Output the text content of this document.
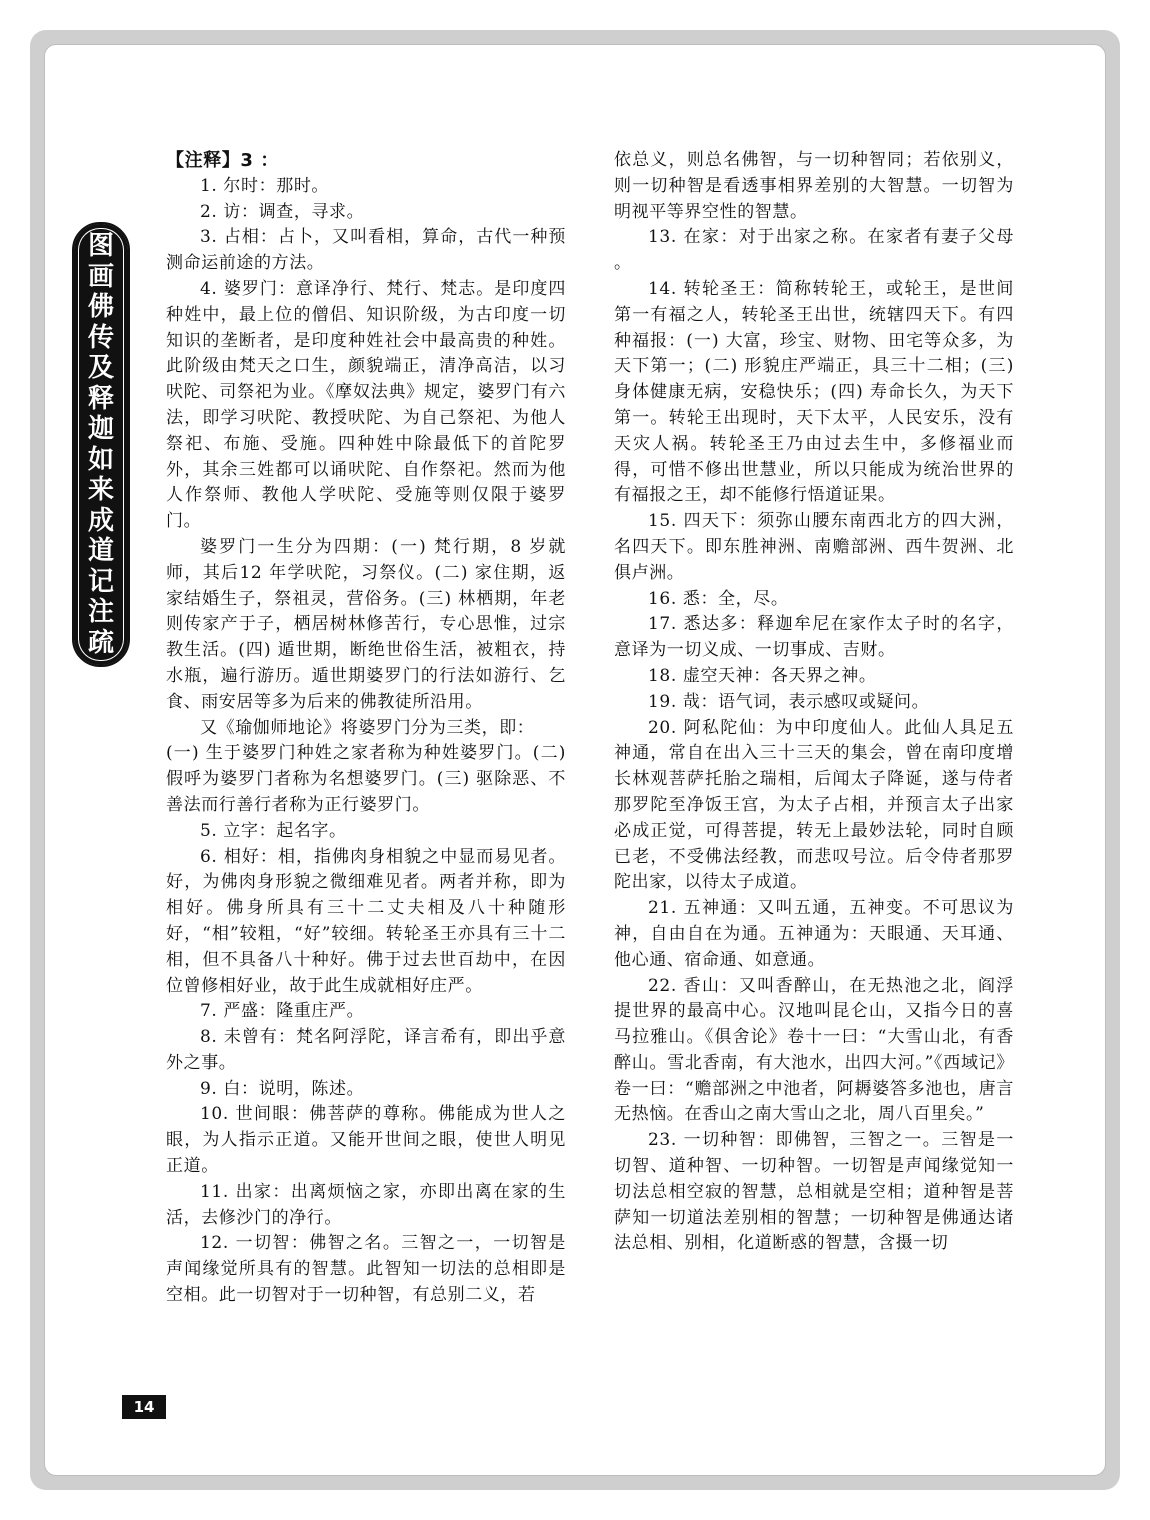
图
画
佛
传
及
释
迦
如
来
成
道
记
注
疏

【注释】3 ：

1. 尔时：那时。

2. 访：调查，寻求。

3. 占相：占卜，又叫看相，算命，古代一种预测命运前途的方法。

4. 婆罗门：意译净行、梵行、梵志。是印度四种姓中，最上位的僧侣、知识阶级，为古印度一切知识的垄断者，是印度种姓社会中最高贵的种姓。此阶级由梵天之口生，颜貌端正，清净高洁，以习吠陀、司祭祀为业。《摩奴法典》规定，婆罗门有六法，即学习吠陀、教授吠陀、为自己祭祀、为他人祭祀、布施、受施。四种姓中除最低下的首陀罗外，其余三姓都可以诵吠陀、自作祭祀。然而为他人作祭师、教他人学吠陀、受施等则仅限于婆罗门。

婆罗门一生分为四期：(一) 梵行期，8 岁就师，其后12 年学吠陀，习祭仪。(二) 家住期，返家结婚生子，祭祖灵，营俗务。(三) 林栖期，年老则传家产于子，栖居树林修苦行，专心思惟，过宗教生活。(四) 遁世期，断绝世俗生活，被粗衣，持水瓶，遍行游历。遁世期婆罗门的行法如游行、乞食、雨安居等多为后来的佛教徒所沿用。

又《瑜伽师地论》将婆罗门分为三类，即：

(一) 生于婆罗门种姓之家者称为种姓婆罗门。(二) 假呼为婆罗门者称为名想婆罗门。(三) 驱除恶、不善法而行善行者称为正行婆罗门。

5. 立字：起名字。

6. 相好：相，指佛肉身相貌之中显而易见者。好，为佛肉身形貌之微细难见者。两者并称，即为相好。佛身所具有三十二丈夫相及八十种随形好，“相”较粗，“好”较细。转轮圣王亦具有三十二相，但不具备八十种好。佛于过去世百劫中，在因位曾修相好业，故于此生成就相好庄严。

7. 严盛：隆重庄严。

8. 未曾有：梵名阿浮陀，译言希有，即出乎意外之事。

9. 白：说明，陈述。

10. 世间眼：佛菩萨的尊称。佛能成为世人之眼，为人指示正道。又能开世间之眼，使世人明见正道。

11. 出家：出离烦恼之家，亦即出离在家的生活，去修沙门的净行。

12. 一切智：佛智之名。三智之一，一切智是声闻缘觉所具有的智慧。此智知一切法的总相即是空相。此一切智对于一切种智，有总别二义，若

依总义，则总名佛智，与一切种智同；若依别义，则一切种智是看透事相界差别的大智慧。一切智为明视平等界空性的智慧。

13. 在家：对于出家之称。在家者有妻子父母 。

14. 转轮圣王：简称转轮王，或轮王，是世间第一有福之人，转轮圣王出世，统辖四天下。有四种福报：(一) 大富，珍宝、财物、田宅等众多，为天下第一；(二) 形貌庄严端正，具三十二相；(三) 身体健康无病，安稳快乐；(四) 寿命长久，为天下第一。转轮王出现时，天下太平，人民安乐，没有天灾人祸。转轮圣王乃由过去生中，多修福业而得，可惜不修出世慧业，所以只能成为统治世界的有福报之王，却不能修行悟道证果。

15. 四天下：须弥山腰东南西北方的四大洲，名四天下。即东胜神洲、南赡部洲、西牛贺洲、北俱卢洲。

16. 悉：全，尽。

17. 悉达多：释迦牟尼在家作太子时的名字，意译为一切义成、一切事成、吉财。

18. 虚空天神：各天界之神。

19. 哉：语气词，表示感叹或疑问。

20. 阿私陀仙：为中印度仙人。此仙人具足五神通，常自在出入三十三天的集会，曾在南印度增长林观菩萨托胎之瑞相，后闻太子降诞，遂与侍者那罗陀至净饭王宫，为太子占相，并预言太子出家必成正觉，可得菩提，转无上最妙法轮，同时自顾已老，不受佛法经教，而悲叹号泣。后令侍者那罗陀出家，以待太子成道。

21. 五神通：又叫五通，五神变。不可思议为神，自由自在为通。五神通为：天眼通、天耳通、他心通、宿命通、如意通。

22. 香山：又叫香醉山，在无热池之北，阎浮提世界的最高中心。汉地叫昆仑山，又指今日的喜马拉雅山。《俱舍论》卷十一曰：“大雪山北，有香醉山。雪北香南，有大池水，出四大河。”《西域记》卷一曰：“赡部洲之中池者，阿耨婆答多池也，唐言无热恼。在香山之南大雪山之北，周八百里矣。”

23. 一切种智：即佛智，三智之一。三智是一切智、道种智、一切种智。一切智是声闻缘觉知一切法总相空寂的智慧，总相就是空相；道种智是菩萨知一切道法差别相的智慧；一切种智是佛通达诸法总相、别相，化道断惑的智慧，含摄一切

14
